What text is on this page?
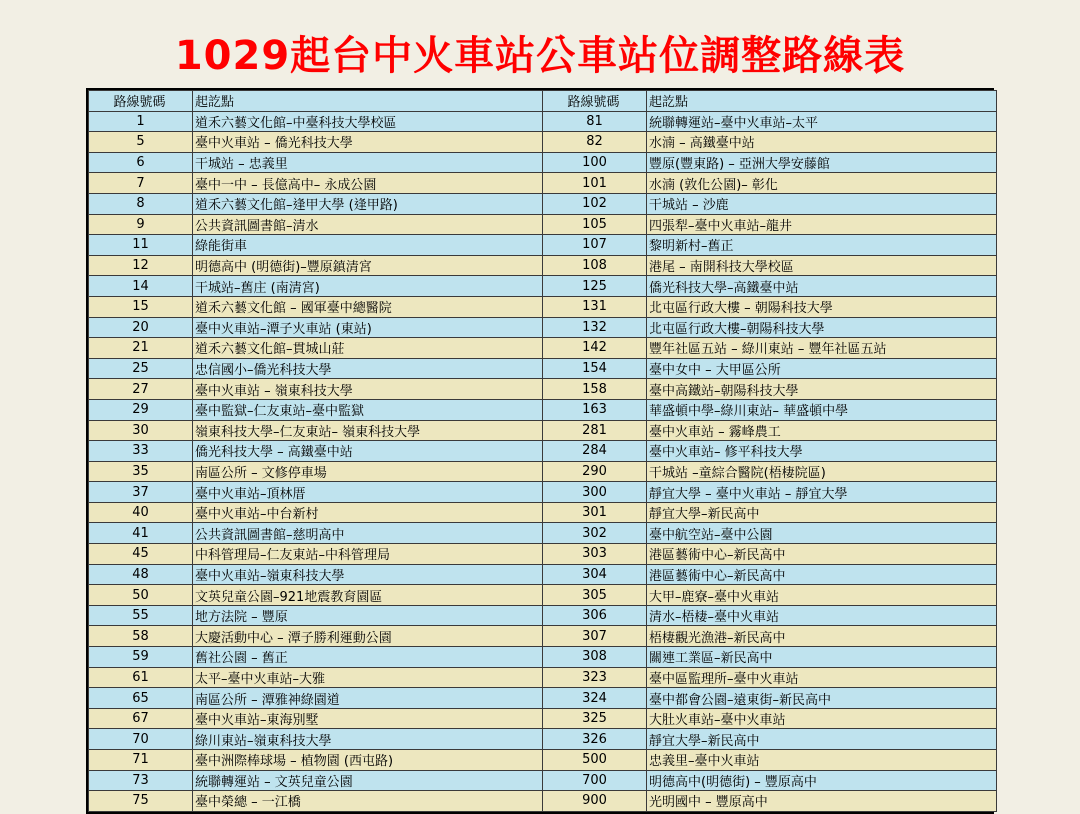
1029起台中火車站公車站位調整路線表
路線號碼	起訖點	路線號碼	起訖點
1	道禾六藝文化館–中臺科技大學校區	81	統聯轉運站–臺中火車站–太平
5	臺中火車站 – 僑光科技大學	82	水湳 – 高鐵臺中站
6	干城站 – 忠義里	100	豐原(豐東路) – 亞洲大學安藤館
7	臺中一中 – 長億高中– 永成公園	101	水湳 (敦化公園)– 彰化
8	道禾六藝文化館–逢甲大學 (逢甲路)	102	干城站 – 沙鹿
9	公共資訊圖書館–清水	105	四張犁–臺中火車站–龍井
11	綠能街車	107	黎明新村–舊正
12	明德高中 (明德街)–豐原鎮清宮	108	港尾 – 南開科技大學校區
14	干城站–舊庄 (南清宮)	125	僑光科技大學–高鐵臺中站
15	道禾六藝文化館 – 國軍臺中總醫院	131	北屯區行政大樓 – 朝陽科技大學
20	臺中火車站–潭子火車站 (東站)	132	北屯區行政大樓–朝陽科技大學
21	道禾六藝文化館–貫城山莊	142	豐年社區五站 – 綠川東站 – 豐年社區五站
25	忠信國小–僑光科技大學	154	臺中女中 – 大甲區公所
27	臺中火車站 – 嶺東科技大學	158	臺中高鐵站–朝陽科技大學
29	臺中監獄–仁友東站–臺中監獄	163	華盛頓中學–綠川東站– 華盛頓中學
30	嶺東科技大學–仁友東站– 嶺東科技大學	281	臺中火車站 – 霧峰農工
33	僑光科技大學 – 高鐵臺中站	284	臺中火車站– 修平科技大學
35	南區公所 – 文修停車場	290	干城站 –童綜合醫院(梧棲院區)
37	臺中火車站–頂林厝	300	靜宜大學 – 臺中火車站 – 靜宜大學
40	臺中火車站–中台新村	301	靜宜大學–新民高中
41	公共資訊圖書館–慈明高中	302	臺中航空站–臺中公園
45	中科管理局–仁友東站–中科管理局	303	港區藝術中心–新民高中
48	臺中火車站–嶺東科技大學	304	港區藝術中心–新民高中
50	文英兒童公園–921地震教育園區	305	大甲–鹿寮–臺中火車站
55	地方法院 – 豐原	306	清水–梧棲–臺中火車站
58	大慶活動中心 – 潭子勝利運動公園	307	梧棲觀光漁港–新民高中
59	舊社公園 – 舊正	308	關連工業區–新民高中
61	太平–臺中火車站–大雅	323	臺中區監理所–臺中火車站
65	南區公所 – 潭雅神綠園道	324	臺中都會公園–遠東街–新民高中
67	臺中火車站–東海別墅	325	大肚火車站–臺中火車站
70	綠川東站–嶺東科技大學	326	靜宜大學–新民高中
71	臺中洲際棒球場 – 植物園 (西屯路)	500	忠義里–臺中火車站
73	統聯轉運站 – 文英兒童公園	700	明德高中(明德街) – 豐原高中
75	臺中榮總 – 一江橋	900	光明國中 – 豐原高中
